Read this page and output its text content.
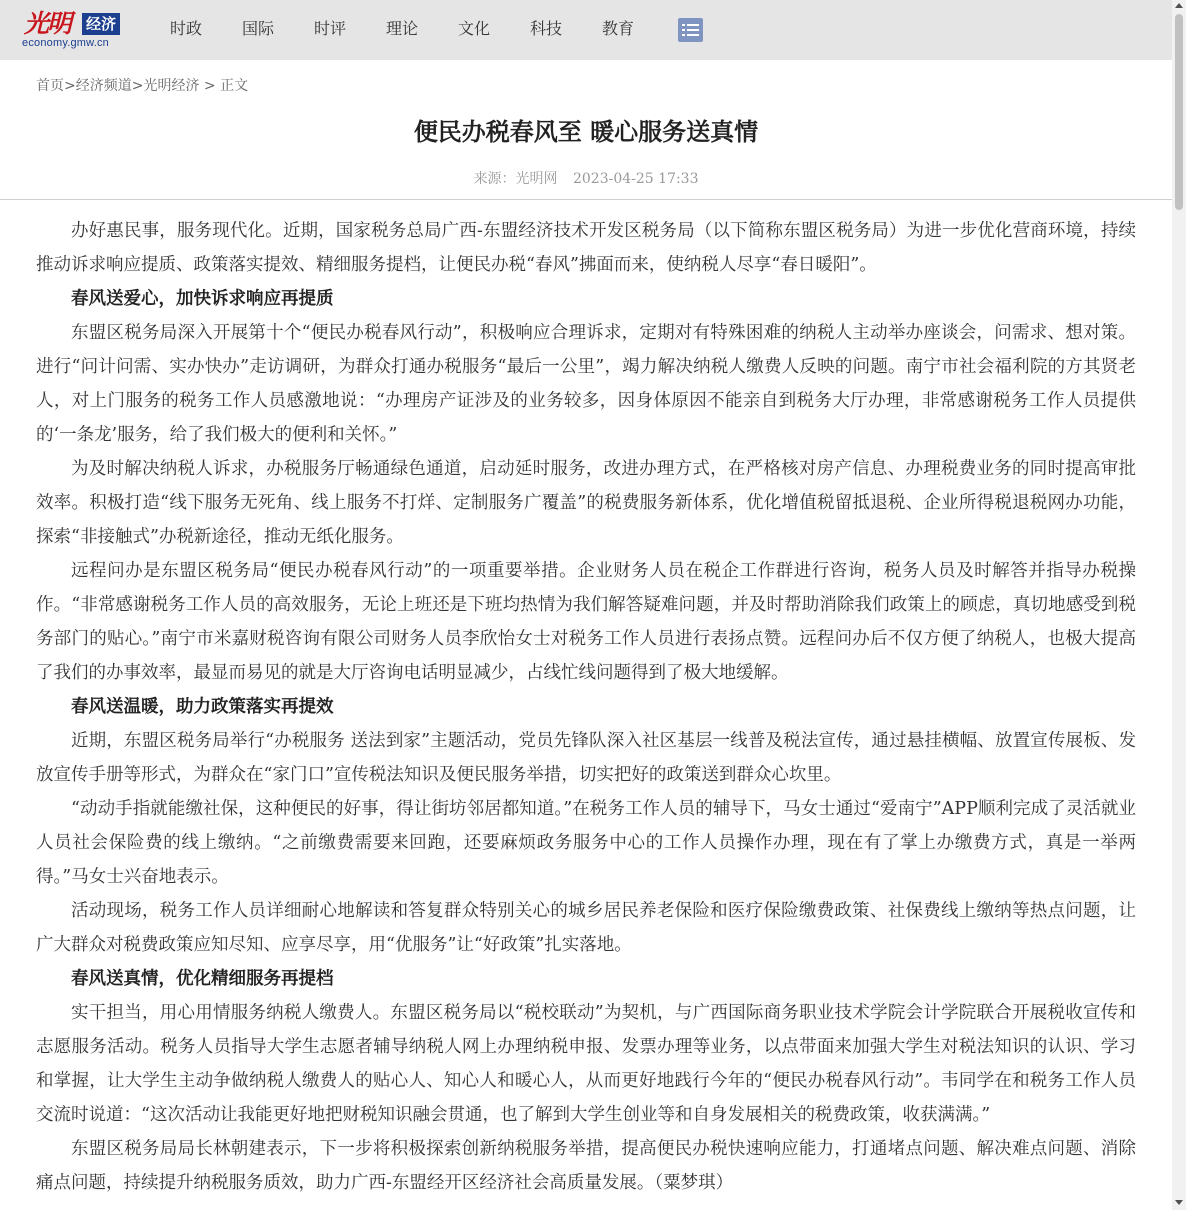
光明 经济
economy.gmw.cn
时政	国际	时评	理论	文化	科技	教育
首页>经济频道>光明经济 > 正文
便民办税春风至 暖心服务送真情
来源：光明网 2023-04-25 17:33

办好惠民事，服务现代化。近期，国家税务总局广西-东盟经济技术开发区税务局（以下简称东盟区税务局）为进一步优化营商环境，持续推动诉求响应提质、政策落实提效、精细服务提档，让便民办税“春风”拂面而来，使纳税人尽享“春日暖阳”。

春风送爱心，加快诉求响应再提质

东盟区税务局深入开展第十个“便民办税春风行动”，积极响应合理诉求，定期对有特殊困难的纳税人主动举办座谈会，问需求、想对策。进行“问计问需、实办快办”走访调研，为群众打通办税服务“最后一公里”，竭力解决纳税人缴费人反映的问题。南宁市社会福利院的方其贤老人，对上门服务的税务工作人员感激地说：“办理房产证涉及的业务较多，因身体原因不能亲自到税务大厅办理，非常感谢税务工作人员提供的‘一条龙’服务，给了我们极大的便利和关怀。”

为及时解决纳税人诉求，办税服务厅畅通绿色通道，启动延时服务，改进办理方式，在严格核对房产信息、办理税费业务的同时提高审批效率。积极打造“线下服务无死角、线上服务不打烊、定制服务广覆盖”的税费服务新体系，优化增值税留抵退税、企业所得税退税网办功能，探索“非接触式”办税新途径，推动无纸化服务。

远程问办是东盟区税务局“便民办税春风行动”的一项重要举措。企业财务人员在税企工作群进行咨询，税务人员及时解答并指导办税操作。“非常感谢税务工作人员的高效服务，无论上班还是下班均热情为我们解答疑难问题，并及时帮助消除我们政策上的顾虑，真切地感受到税务部门的贴心。”南宁市米嘉财税咨询有限公司财务人员李欣怡女士对税务工作人员进行表扬点赞。远程问办后不仅方便了纳税人，也极大提高了我们的办事效率，最显而易见的就是大厅咨询电话明显减少，占线忙线问题得到了极大地缓解。

春风送温暖，助力政策落实再提效

近期，东盟区税务局举行“办税服务 送法到家”主题活动，党员先锋队深入社区基层一线普及税法宣传，通过悬挂横幅、放置宣传展板、发放宣传手册等形式，为群众在“家门口”宣传税法知识及便民服务举措，切实把好的政策送到群众心坎里。

“动动手指就能缴社保，这种便民的好事，得让街坊邻居都知道。”在税务工作人员的辅导下，马女士通过“爱南宁”APP顺利完成了灵活就业人员社会保险费的线上缴纳。“之前缴费需要来回跑，还要麻烦政务服务中心的工作人员操作办理，现在有了掌上办缴费方式，真是一举两得。”马女士兴奋地表示。

活动现场，税务工作人员详细耐心地解读和答复群众特别关心的城乡居民养老保险和医疗保险缴费政策、社保费线上缴纳等热点问题，让广大群众对税费政策应知尽知、应享尽享，用“优服务”让“好政策”扎实落地。

春风送真情，优化精细服务再提档

实干担当，用心用情服务纳税人缴费人。东盟区税务局以“税校联动”为契机，与广西国际商务职业技术学院会计学院联合开展税收宣传和志愿服务活动。税务人员指导大学生志愿者辅导纳税人网上办理纳税申报、发票办理等业务，以点带面来加强大学生对税法知识的认识、学习和掌握，让大学生主动争做纳税人缴费人的贴心人、知心人和暖心人，从而更好地践行今年的“便民办税春风行动”。韦同学在和税务工作人员交流时说道：“这次活动让我能更好地把财税知识融会贯通，也了解到大学生创业等和自身发展相关的税费政策，收获满满。”

东盟区税务局局长林朝建表示，下一步将积极探索创新纳税服务举措，提高便民办税快速响应能力，打通堵点问题、解决难点问题、消除痛点问题，持续提升纳税服务质效，助力广西-东盟经开区经济社会高质量发展。（粟梦琪）
